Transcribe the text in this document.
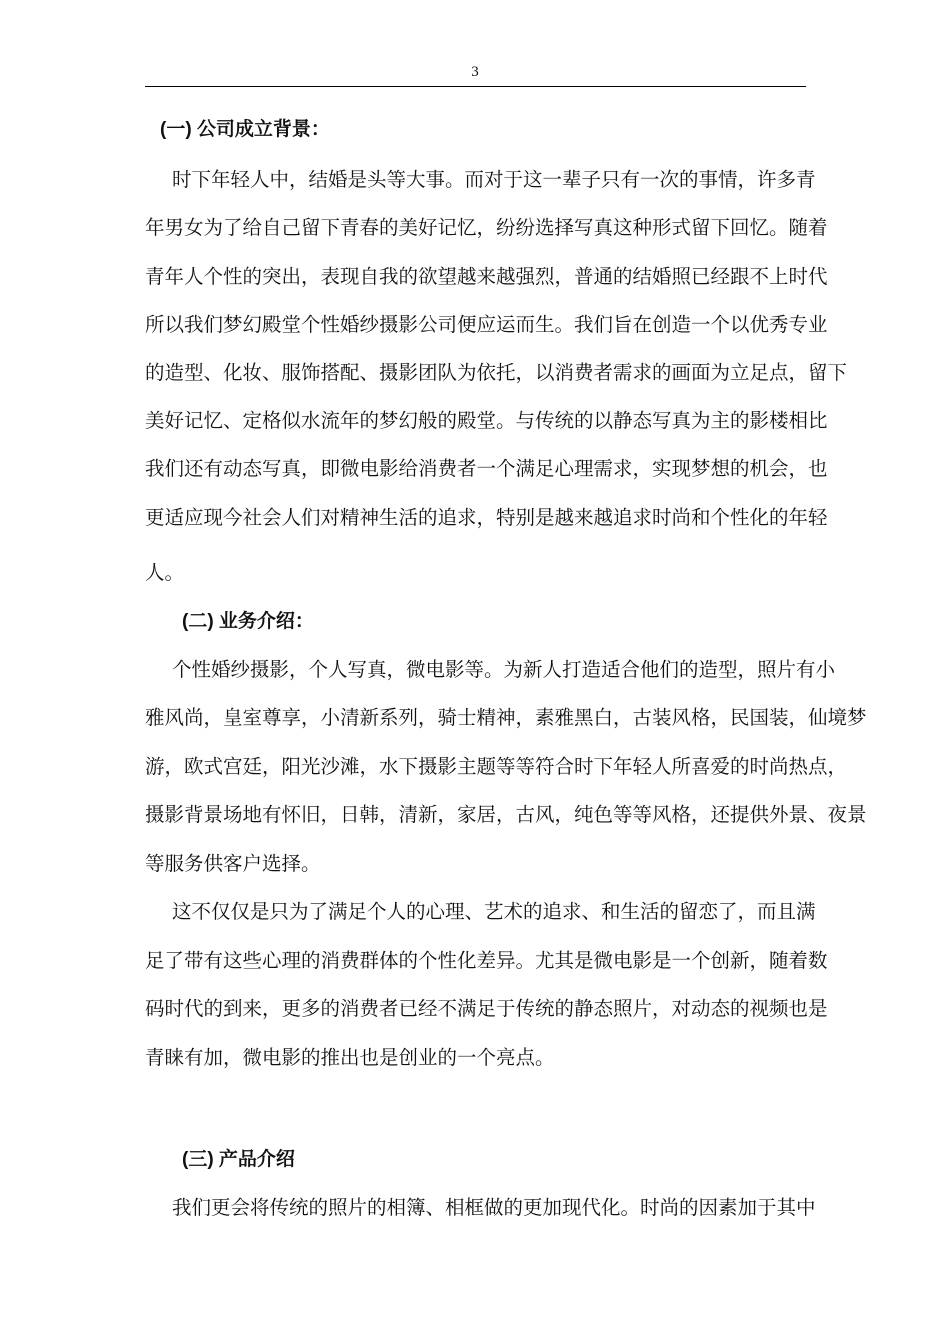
3
(一) 公司成立背景：
时下年轻人中，结婚是头等大事。而对于这一辈子只有一次的事情，许多青
年男女为了给自己留下青春的美好记忆，纷纷选择写真这种形式留下回忆。随着
青年人个性的突出，表现自我的欲望越来越强烈，普通的结婚照已经跟不上时代
所以我们梦幻殿堂个性婚纱摄影公司便应运而生。我们旨在创造一个以优秀专业
的造型、化妆、服饰搭配、摄影团队为依托，以消费者需求的画面为立足点，留下
美好记忆、定格似水流年的梦幻般的殿堂。与传统的以静态写真为主的影楼相比
我们还有动态写真，即微电影给消费者一个满足心理需求，实现梦想的机会，也
更适应现今社会人们对精神生活的追求，特别是越来越追求时尚和个性化的年轻
人。
(二) 业务介绍：
个性婚纱摄影，个人写真，微电影等。为新人打造适合他们的造型，照片有小
雅风尚，皇室尊享，小清新系列，骑士精神，素雅黑白，古装风格，民国装，仙境梦
游，欧式宫廷，阳光沙滩，水下摄影主题等等符合时下年轻人所喜爱的时尚热点，
摄影背景场地有怀旧，日韩，清新，家居，古风，纯色等等风格，还提供外景、夜景
等服务供客户选择。
这不仅仅是只为了满足个人的心理、艺术的追求、和生活的留恋了，而且满
足了带有这些心理的消费群体的个性化差异。尤其是微电影是一个创新，随着数
码时代的到来，更多的消费者已经不满足于传统的静态照片，对动态的视频也是
青睐有加，微电影的推出也是创业的一个亮点。
(三) 产品介绍
我们更会将传统的照片的相簿、相框做的更加现代化。时尚的因素加于其中
